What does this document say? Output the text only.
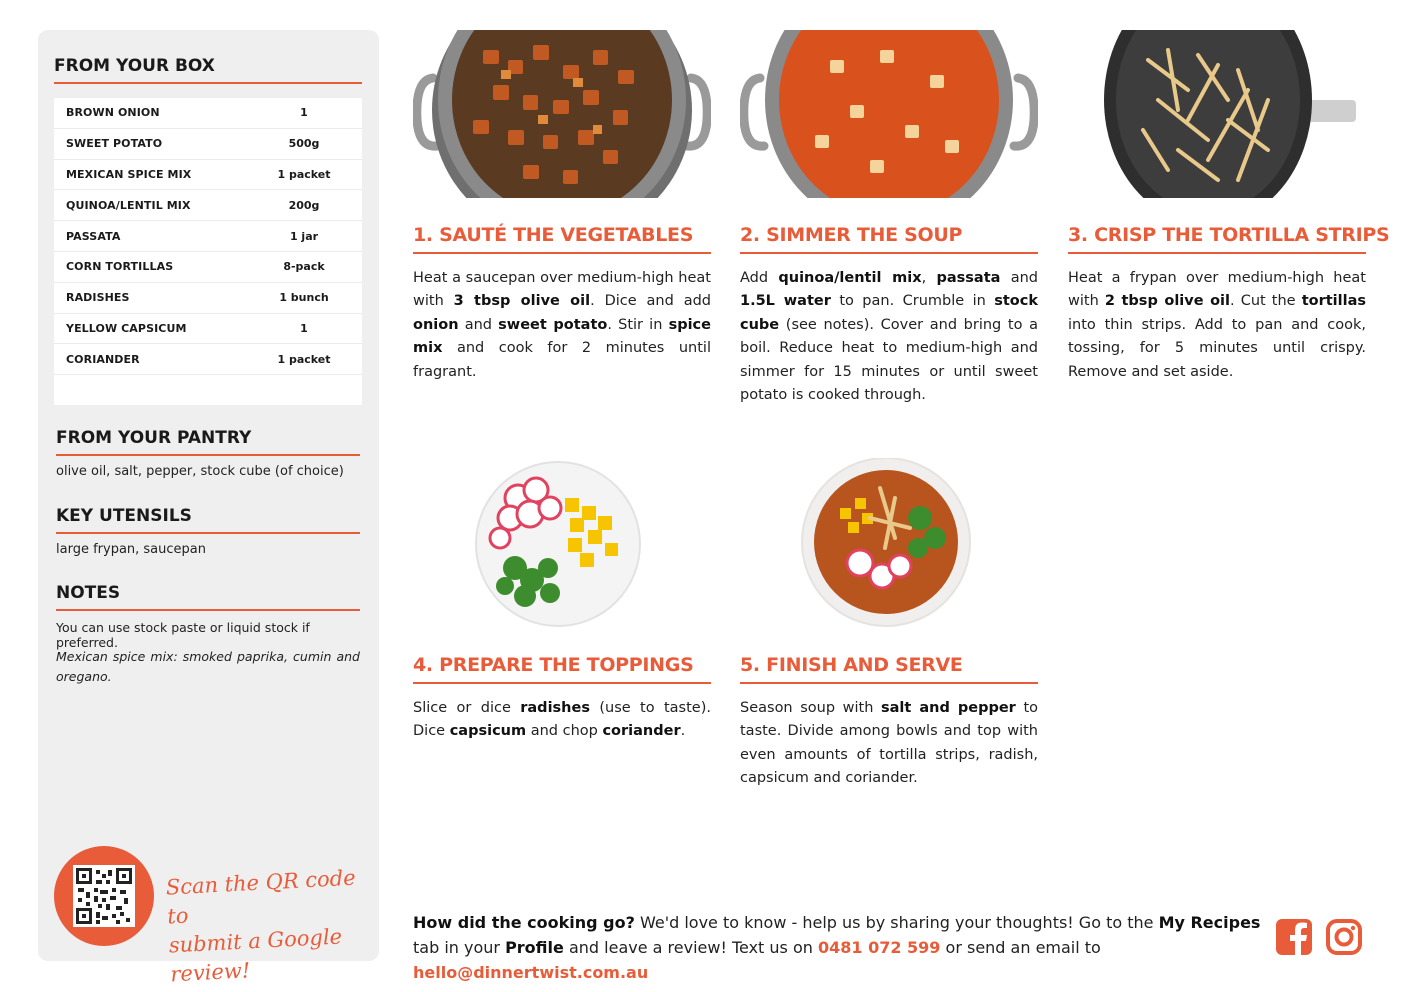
FROM YOUR BOX
BROWN ONION	1
SWEET POTATO	500g
MEXICAN SPICE MIX	1 packet
QUINOA/LENTIL MIX	200g
PASSATA	1 jar
CORN TORTILLAS	8-pack
RADISHES	1 bunch
YELLOW CAPSICUM	1
CORIANDER	1 packet
FROM YOUR PANTRY
olive oil, salt, pepper, stock cube (of choice)
KEY UTENSILS
large frypan, saucepan
NOTES
You can use stock paste or liquid stock if preferred.
Mexican spice mix: smoked paprika, cumin and oregano.
Scan the QR code to
submit a Google review!
1. SAUTÉ THE VEGETABLES
Heat a saucepan over medium-high heat with 3 tbsp olive oil. Dice and add onion and sweet potato. Stir in spice mix and cook for 2 minutes until fragrant.
2. SIMMER THE SOUP
Add quinoa/lentil mix, passata and 1.5L water to pan. Crumble in stock cube (see notes). Cover and bring to a boil. Reduce heat to medium-high and simmer for 15 minutes or until sweet potato is cooked through.
3. CRISP THE TORTILLA STRIPS
Heat a frypan over medium-high heat with 2 tbsp olive oil. Cut the tortillas into thin strips. Add to pan and cook, tossing, for 5 minutes until crispy. Remove and set aside.
4. PREPARE THE TOPPINGS
Slice or dice radishes (use to taste). Dice capsicum and chop coriander.
5. FINISH AND SERVE
Season soup with salt and pepper to taste. Divide among bowls and top with even amounts of tortilla strips, radish, capsicum and coriander.
How did the cooking go? We'd love to know - help us by sharing your thoughts! Go to the My Recipes tab in your Profile and leave a review! Text us on 0481 072 599 or send an email to hello@dinnertwist.com.au
